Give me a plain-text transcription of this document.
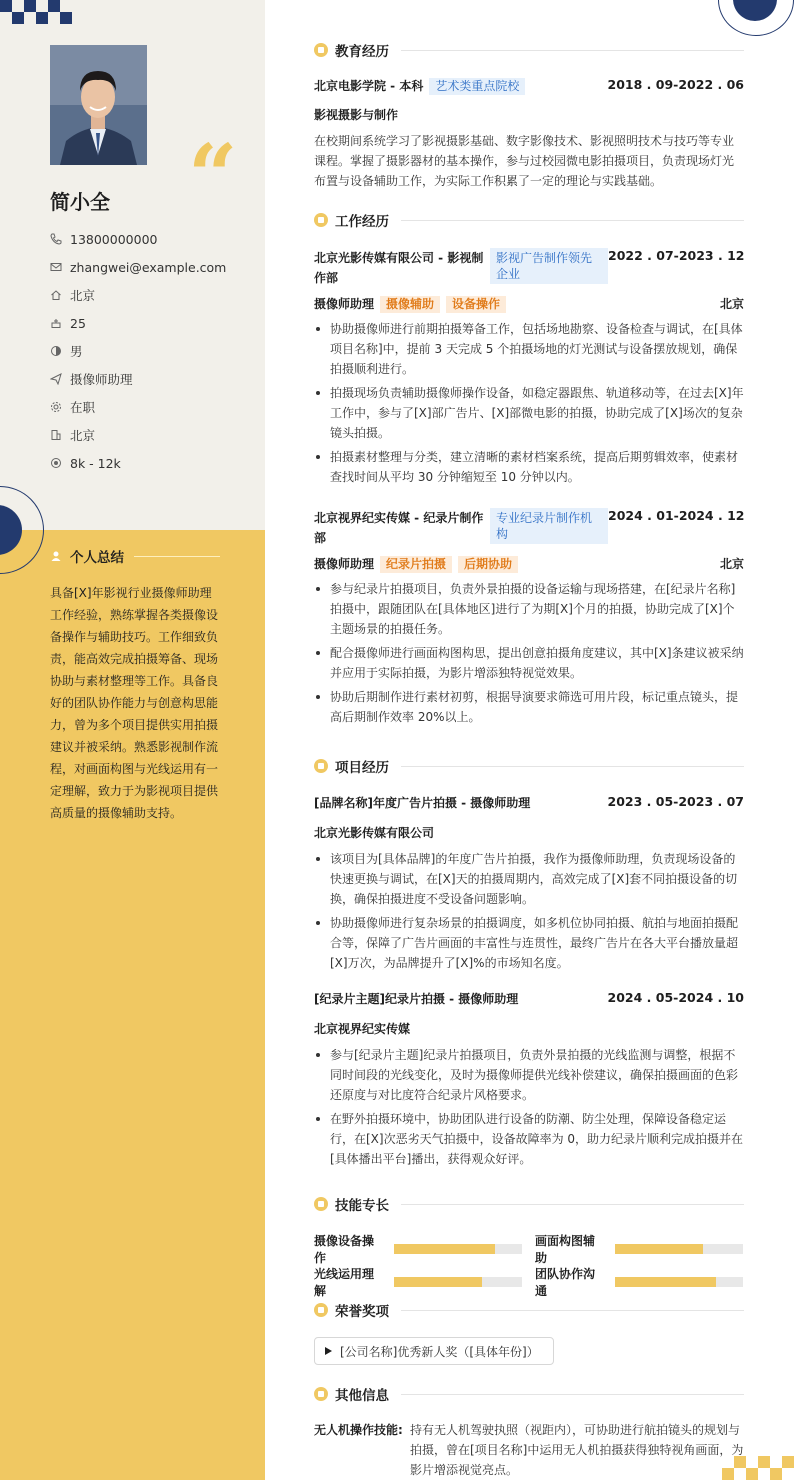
“
简小全
13800000000
zhangwei@example.com
北京
25
男
摄像师助理
在职
北京
8k - 12k
个人总结
具备[X]年影视行业摄像师助理工作经验，熟练掌握各类摄像设备操作与辅助技巧。工作细致负责，能高效完成拍摄筹备、现场协助与素材整理等工作。具备良好的团队协作能力与创意构思能力，曾为多个项目提供实用拍摄建议并被采纳。熟悉影视制作流程，对画面构图与光线运用有一定理解，致力于为影视项目提供高质量的摄像辅助支持。
教育经历
北京电影学院 - 本科 艺术类重点院校	2018 . 09-2022 . 06
影视摄影与制作

在校期间系统学习了影视摄影基础、数字影像技术、影视照明技术与技巧等专业课程。掌握了摄影器材的基本操作，参与过校园微电影拍摄项目，负责现场灯光布置与设备辅助工作，为实际工作积累了一定的理论与实践基础。

工作经历
北京光影传媒有限公司 - 影视制作部
影视广告制作领先企业
2022 . 07-2023 . 12
摄像师助理 摄像辅助 设备操作	北京
协助摄像师进行前期拍摄筹备工作，包括场地勘察、设备检查与调试，在[具体项目名称]中，提前 3 天完成 5 个拍摄场地的灯光测试与设备摆放规划，确保拍摄顺利进行。
拍摄现场负责辅助摄像师操作设备，如稳定器跟焦、轨道移动等，在过去[X]年工作中，参与了[X]部广告片、[X]部微电影的拍摄，协助完成了[X]场次的复杂镜头拍摄。
拍摄素材整理与分类，建立清晰的素材档案系统，提高后期剪辑效率，使素材查找时间从平均 30 分钟缩短至 10 分钟以内。
北京视界纪实传媒 - 纪录片制作部
专业纪录片制作机构
2024 . 01-2024 . 12
摄像师助理 纪录片拍摄 后期协助	北京
参与纪录片拍摄项目，负责外景拍摄的设备运输与现场搭建，在[纪录片名称]拍摄中，跟随团队在[具体地区]进行了为期[X]个月的拍摄，协助完成了[X]个主题场景的拍摄任务。
配合摄像师进行画面构图构思，提出创意拍摄角度建议，其中[X]条建议被采纳并应用于实际拍摄，为影片增添独特视觉效果。
协助后期制作进行素材初剪，根据导演要求筛选可用片段，标记重点镜头，提高后期制作效率 20%以上。
项目经历
[品牌名称]年度广告片拍摄 - 摄像师助理	2023 . 05-2023 . 07
北京光影传媒有限公司
该项目为[具体品牌]的年度广告片拍摄，我作为摄像师助理，负责现场设备的快速更换与调试，在[X]天的拍摄周期内，高效完成了[X]套不同拍摄设备的切换，确保拍摄进度不受设备问题影响。
协助摄像师进行复杂场景的拍摄调度，如多机位协同拍摄、航拍与地面拍摄配合等，保障了广告片画面的丰富性与连贯性，最终广告片在各大平台播放量超[X]万次，为品牌提升了[X]%的市场知名度。
[纪录片主题]纪录片拍摄 - 摄像师助理	2024 . 05-2024 . 10
北京视界纪实传媒
参与[纪录片主题]纪录片拍摄项目，负责外景拍摄的光线监测与调整，根据不同时间段的光线变化，及时为摄像师提供光线补偿建议，确保拍摄画面的色彩还原度与对比度符合纪录片风格要求。
在野外拍摄环境中，协助团队进行设备的防潮、防尘处理，保障设备稳定运行，在[X]次恶劣天气拍摄中，设备故障率为 0，助力纪录片顺利完成拍摄并在[具体播出平台]播出，获得观众好评。
技能专长
摄像设备操作
画面构图辅助
光线运用理解
团队协作沟通
荣誉奖项
[公司名称]优秀新人奖（[具体年份]）
其他信息
无人机操作技能: 持有无人机驾驶执照（视距内），可协助进行航拍镜头的规划与拍摄，曾在[项目名称]中运用无人机拍摄获得独特视角画面，为影片增添视觉亮点。
